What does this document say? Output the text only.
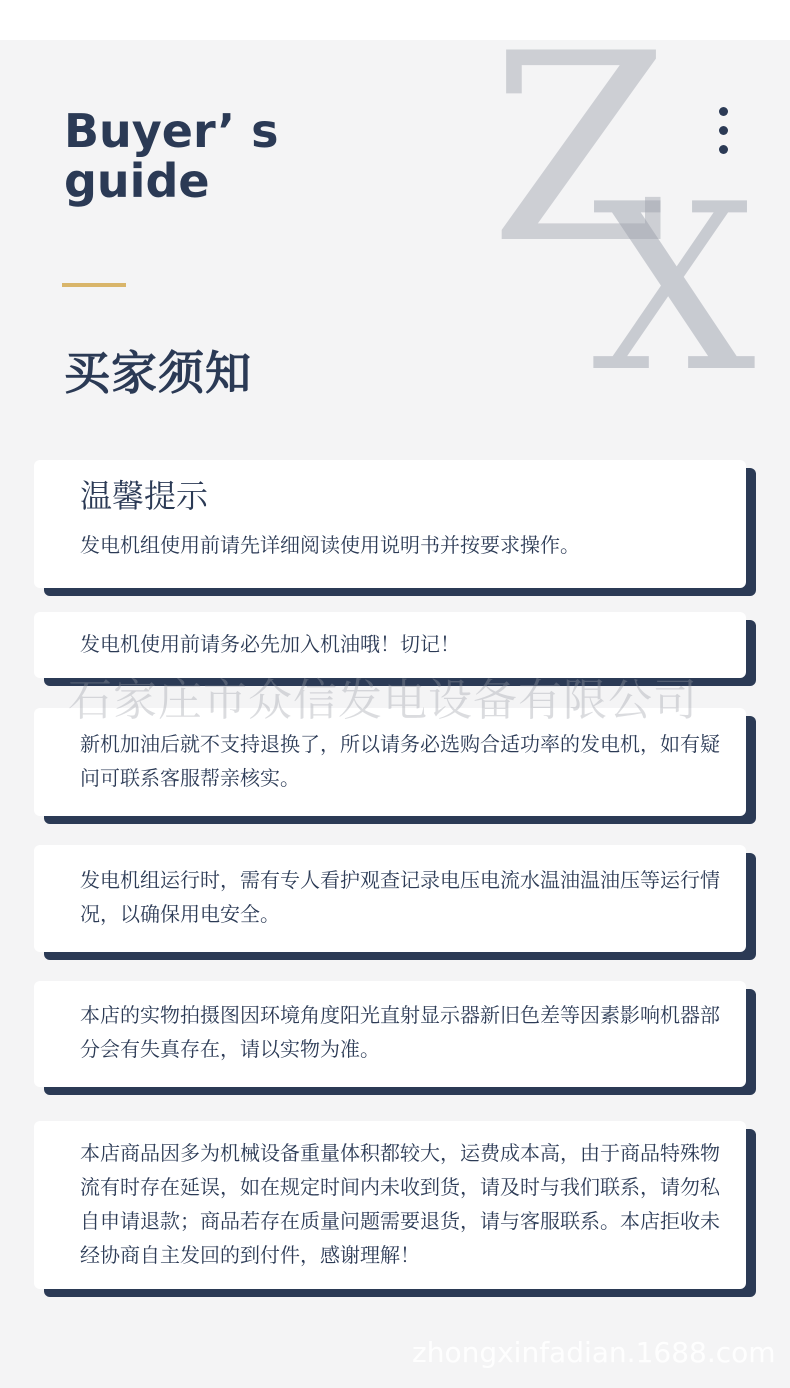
Z
X
Buyer’ s
guide
买家须知
温馨提示
发电机组使用前请先详细阅读使用说明书并按要求操作。
发电机使用前请务必先加入机油哦！切记！
新机加油后就不支持退换了，所以请务必选购合适功率的发电机，如有疑问可联系客服帮亲核实。
发电机组运行时，需有专人看护观查记录电压电流水温油温油压等运行情况，以确保用电安全。
本店的实物拍摄图因环境角度阳光直射显示器新旧色差等因素影响机器部分会有失真存在，请以实物为准。
本店商品因多为机械设备重量体积都较大，运费成本高，由于商品特殊物流有时存在延误，如在规定时间内未收到货，请及时与我们联系，请勿私自申请退款；商品若存在质量问题需要退货，请与客服联系。本店拒收未经协商自主发回的到付件，感谢理解！
石家庄市众信发电设备有限公司
zhongxinfadian.1688.com
